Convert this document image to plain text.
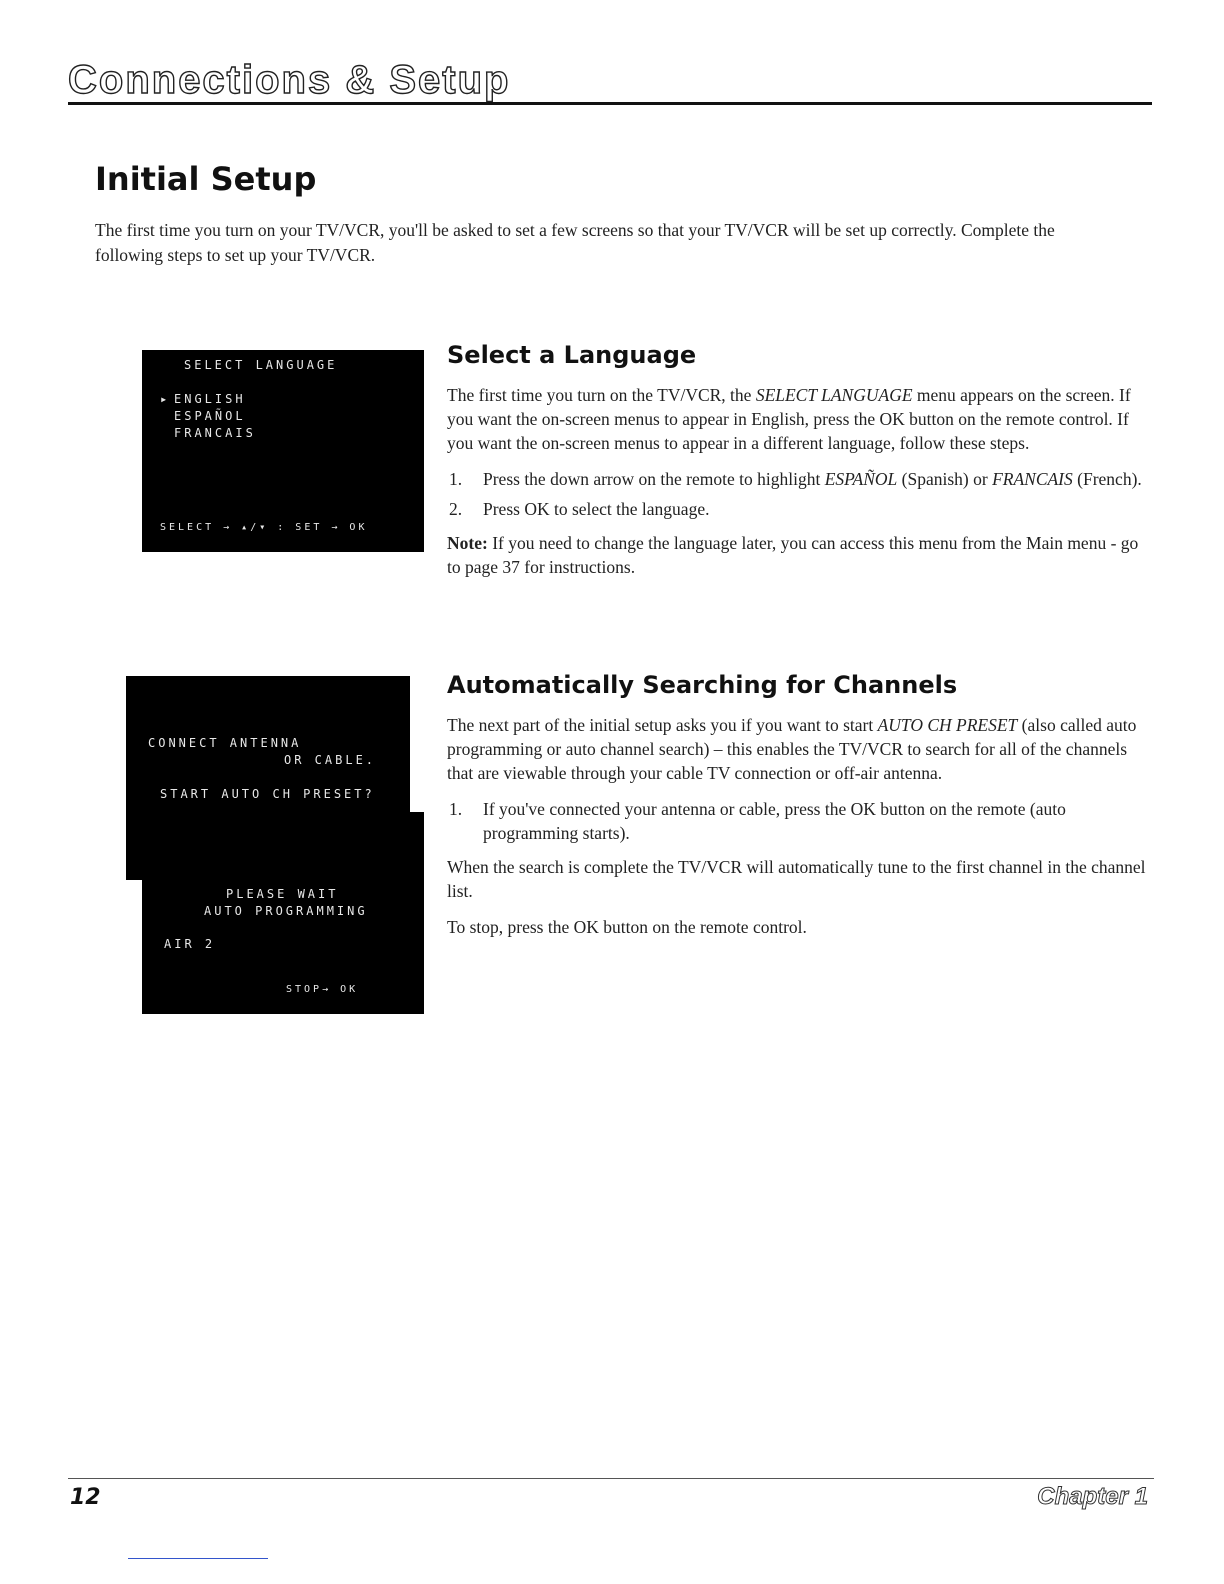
Connections & Setup
Initial Setup

The first time you turn on your TV/VCR, you'll be asked to set a few screens so that your TV/VCR will be set up correctly. Complete the following steps to set up your TV/VCR.

SELECT LANGUAGE

▸

ENGLISH

ESPAÑOL

FRANCAIS

SELECT → ▴/▾ : SET → OK

CONNECT ANTENNA

OR CABLE.

START AUTO CH PRESET?

PLEASE WAIT

AUTO PROGRAMMING

AIR 2

STOP→ OK

Select a Language

The first time you turn on the TV/VCR, the SELECT LANGUAGE menu appears on the screen. If you want the on-screen menus to appear in English, press the OK button on the remote control. If you want the on-screen menus to appear in a different language, follow these steps.

1. Press the down arrow on the remote to highlight ESPAÑOL (Spanish) or FRANCAIS (French).
2. Press OK to select the language.

Note: If you need to change the language later, you can access this menu from the Main menu - go to page 37 for instructions.

Automatically Searching for Channels

The next part of the initial setup asks you if you want to start AUTO CH PRESET (also called auto programming or auto channel search) – this enables the TV/VCR to search for all of the channels that are viewable through your cable TV connection or off-air antenna.

1. If you've connected your antenna or cable, press the OK button on the remote (auto programming starts).

When the search is complete the TV/VCR will automatically tune to the first channel in the channel list.

To stop, press the OK button on the remote control.

12	Chapter 1
